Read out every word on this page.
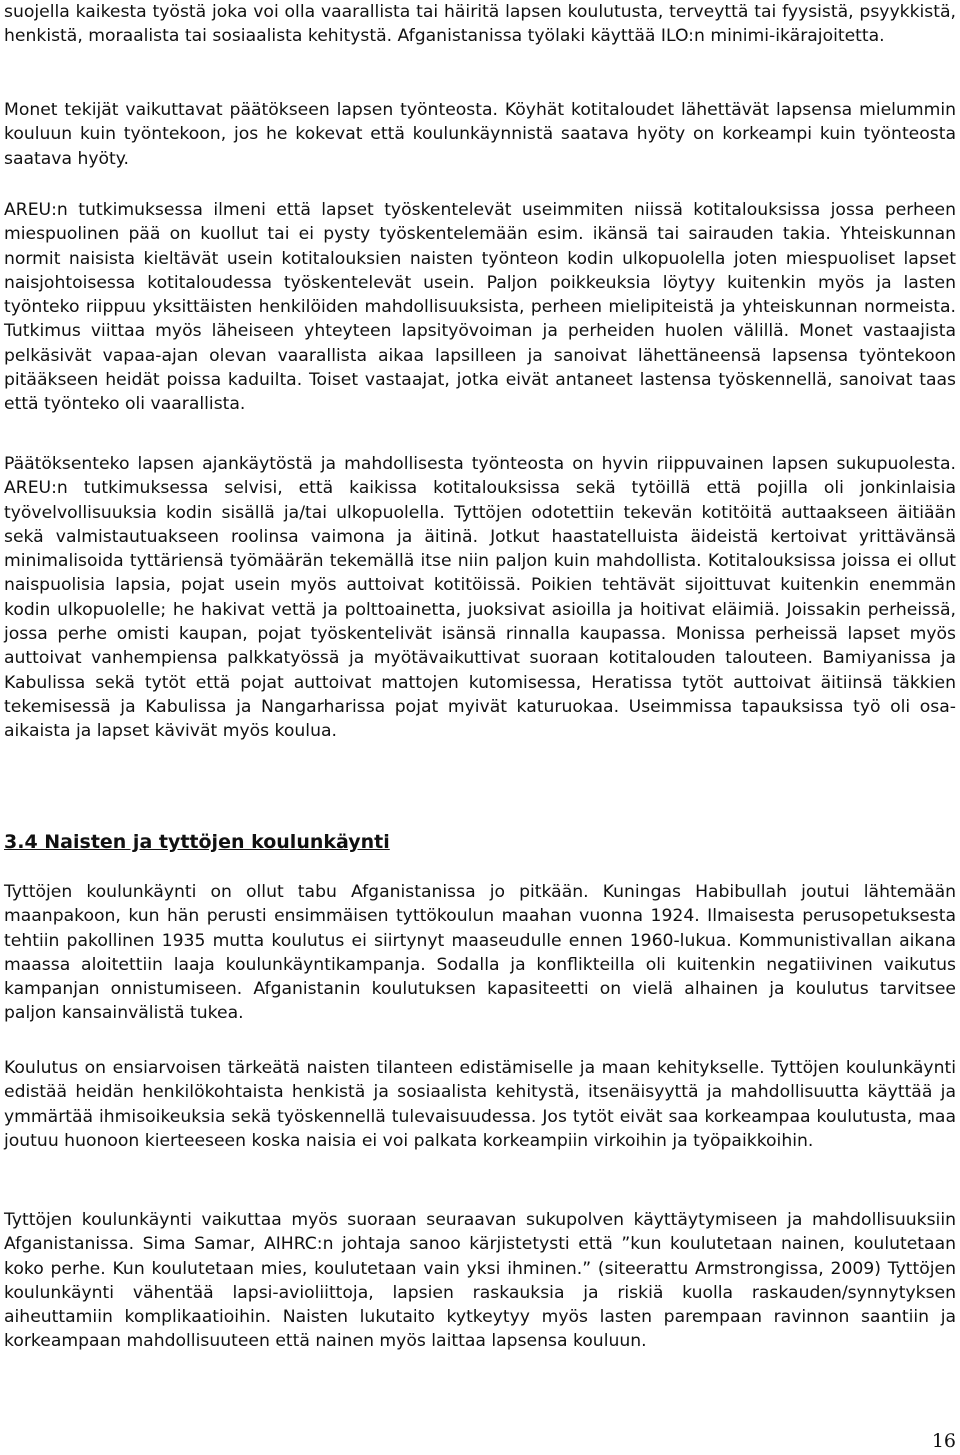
suojella kaikesta työstä joka voi olla vaarallista tai häiritä lapsen koulutusta, terveyttä tai fyysistä, psyykkistä, henkistä, moraalista tai sosiaalista kehitystä. Afganistanissa työlaki käyttää ILO:n minimi-ikärajoitetta.

Monet tekijät vaikuttavat päätökseen lapsen työnteosta. Köyhät kotitaloudet lähettävät lapsensa mielummin kouluun kuin työntekoon, jos he kokevat että koulunkäynnistä saatava hyöty on korkeampi kuin työnteosta saatava hyöty.

AREU:n tutkimuksessa ilmeni että lapset työskentelevät useimmiten niissä kotitalouksissa jossa perheen miespuolinen pää on kuollut tai ei pysty työskentelemään esim. ikänsä tai sairauden takia. Yhteiskunnan normit naisista kieltävät usein kotitalouksien naisten työnteon kodin ulkopuolella joten miespuoliset lapset naisjohtoisessa kotitaloudessa työskentelevät usein. Paljon poikkeuksia löytyy kuitenkin myös ja lasten työnteko riippuu yksittäisten henkilöiden mahdollisuuksista, perheen mielipiteistä ja yhteiskunnan normeista. Tutkimus viittaa myös läheiseen yhteyteen lapsityövoiman ja perheiden huolen välillä. Monet vastaajista pelkäsivät vapaa-ajan olevan vaarallista aikaa lapsilleen ja sanoivat lähettäneensä lapsensa työntekoon pitääkseen heidät poissa kaduilta. Toiset vastaajat, jotka eivät antaneet lastensa työskennellä, sanoivat taas että työnteko oli vaarallista.

Päätöksenteko lapsen ajankäytöstä ja mahdollisesta työnteosta on hyvin riippuvainen lapsen sukupuolesta. AREU:n tutkimuksessa selvisi, että kaikissa kotitalouksissa sekä tytöillä että pojilla oli jonkinlaisia työvelvollisuuksia kodin sisällä ja/tai ulkopuolella. Tyttöjen odotettiin tekevän kotitöitä auttaakseen äitiään sekä valmistautuakseen roolinsa vaimona ja äitinä. Jotkut haastatelluista äideistä kertoivat yrittävänsä minimalisoida tyttäriensä työmäärän tekemällä itse niin paljon kuin mahdollista. Kotitalouksissa joissa ei ollut naispuolisia lapsia, pojat usein myös auttoivat kotitöissä. Poikien tehtävät sijoittuvat kuitenkin enemmän kodin ulkopuolelle; he hakivat vettä ja polttoainetta, juoksivat asioilla ja hoitivat eläimiä. Joissakin perheissä, jossa perhe omisti kaupan, pojat työskentelivät isänsä rinnalla kaupassa. Monissa perheissä lapset myös auttoivat vanhempiensa palkkatyössä ja myötävaikuttivat suoraan kotitalouden talouteen. Bamiyanissa ja Kabulissa sekä tytöt että pojat auttoivat mattojen kutomisessa, Heratissa tytöt auttoivat äitiinsä täkkien tekemisessä ja Kabulissa ja Nangarharissa pojat myivät katuruokaa. Useimmissa tapauksissa työ oli osa-aikaista ja lapset kävivät myös koulua.

3.4 Naisten ja tyttöjen koulunkäynti

Tyttöjen koulunkäynti on ollut tabu Afganistanissa jo pitkään. Kuningas Habibullah joutui lähtemään maanpakoon, kun hän perusti ensimmäisen tyttökoulun maahan vuonna 1924. Ilmaisesta perusopetuksesta tehtiin pakollinen 1935 mutta koulutus ei siirtynyt maaseudulle ennen 1960-lukua. Kommunistivallan aikana maassa aloitettiin laaja koulunkäyntikampanja. Sodalla ja konflikteilla oli kuitenkin negatiivinen vaikutus kampanjan onnistumiseen. Afganistanin koulutuksen kapasiteetti on vielä alhainen ja koulutus tarvitsee paljon kansainvälistä tukea.

Koulutus on ensiarvoisen tärkeätä naisten tilanteen edistämiselle ja maan kehitykselle. Tyttöjen koulunkäynti edistää heidän henkilökohtaista henkistä ja sosiaalista kehitystä, itsenäisyyttä ja mahdollisuutta käyttää ja ymmärtää ihmisoikeuksia sekä työskennellä tulevaisuudessa. Jos tytöt eivät saa korkeampaa koulutusta, maa joutuu huonoon kierteeseen koska naisia ei voi palkata korkeampiin virkoihin ja työpaikkoihin.

Tyttöjen koulunkäynti vaikuttaa myös suoraan seuraavan sukupolven käyttäytymiseen ja mahdollisuuksiin Afganistanissa. Sima Samar, AIHRC:n johtaja sanoo kärjistetysti että ”kun koulutetaan nainen, koulutetaan koko perhe. Kun koulutetaan mies, koulutetaan vain yksi ihminen.” (siteerattu Armstrongissa, 2009) Tyttöjen koulunkäynti vähentää lapsi-avioliittoja, lapsien raskauksia ja riskiä kuolla raskauden/synnytyksen aiheuttamiin komplikaatioihin. Naisten lukutaito kytkeytyy myös lasten parempaan ravinnon saantiin ja korkeampaan mahdollisuuteen että nainen myös laittaa lapsensa kouluun.

16
